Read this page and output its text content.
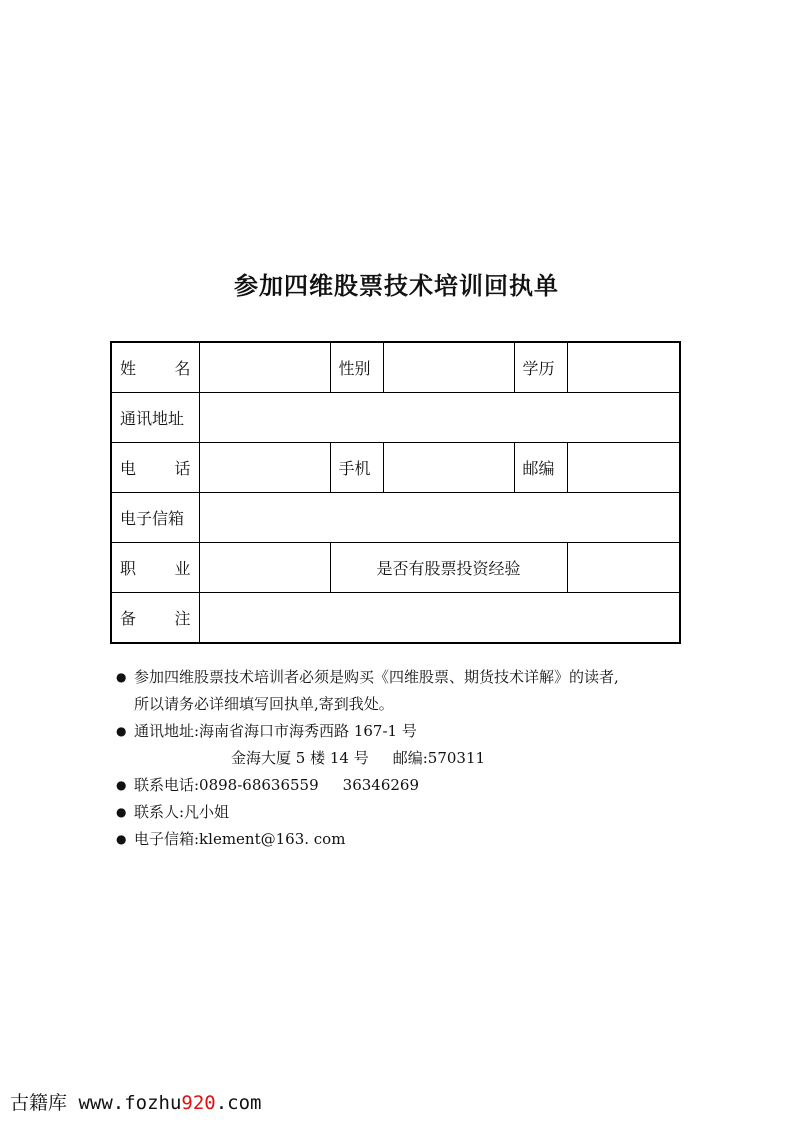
参加四维股票技术培训回执单
姓 名		性别		学历	
通讯地址					
电 话		手机		邮编	
电子信箱					
职 业		是否有股票投资经验			
备 注					
● 参加四维股票技术培训者必须是购买《四维股票、期货技术详解》的读者,
所以请务必详细填写回执单,寄到我处。
● 通讯地址:海南省海口市海秀西路 167-1 号
金海大厦 5 楼 14 号 邮编:570311
● 联系电话:0898-68636559 36346269
● 联系人:凡小姐
● 电子信箱:klement@163. com
古籍库 www.fozhu920.com
